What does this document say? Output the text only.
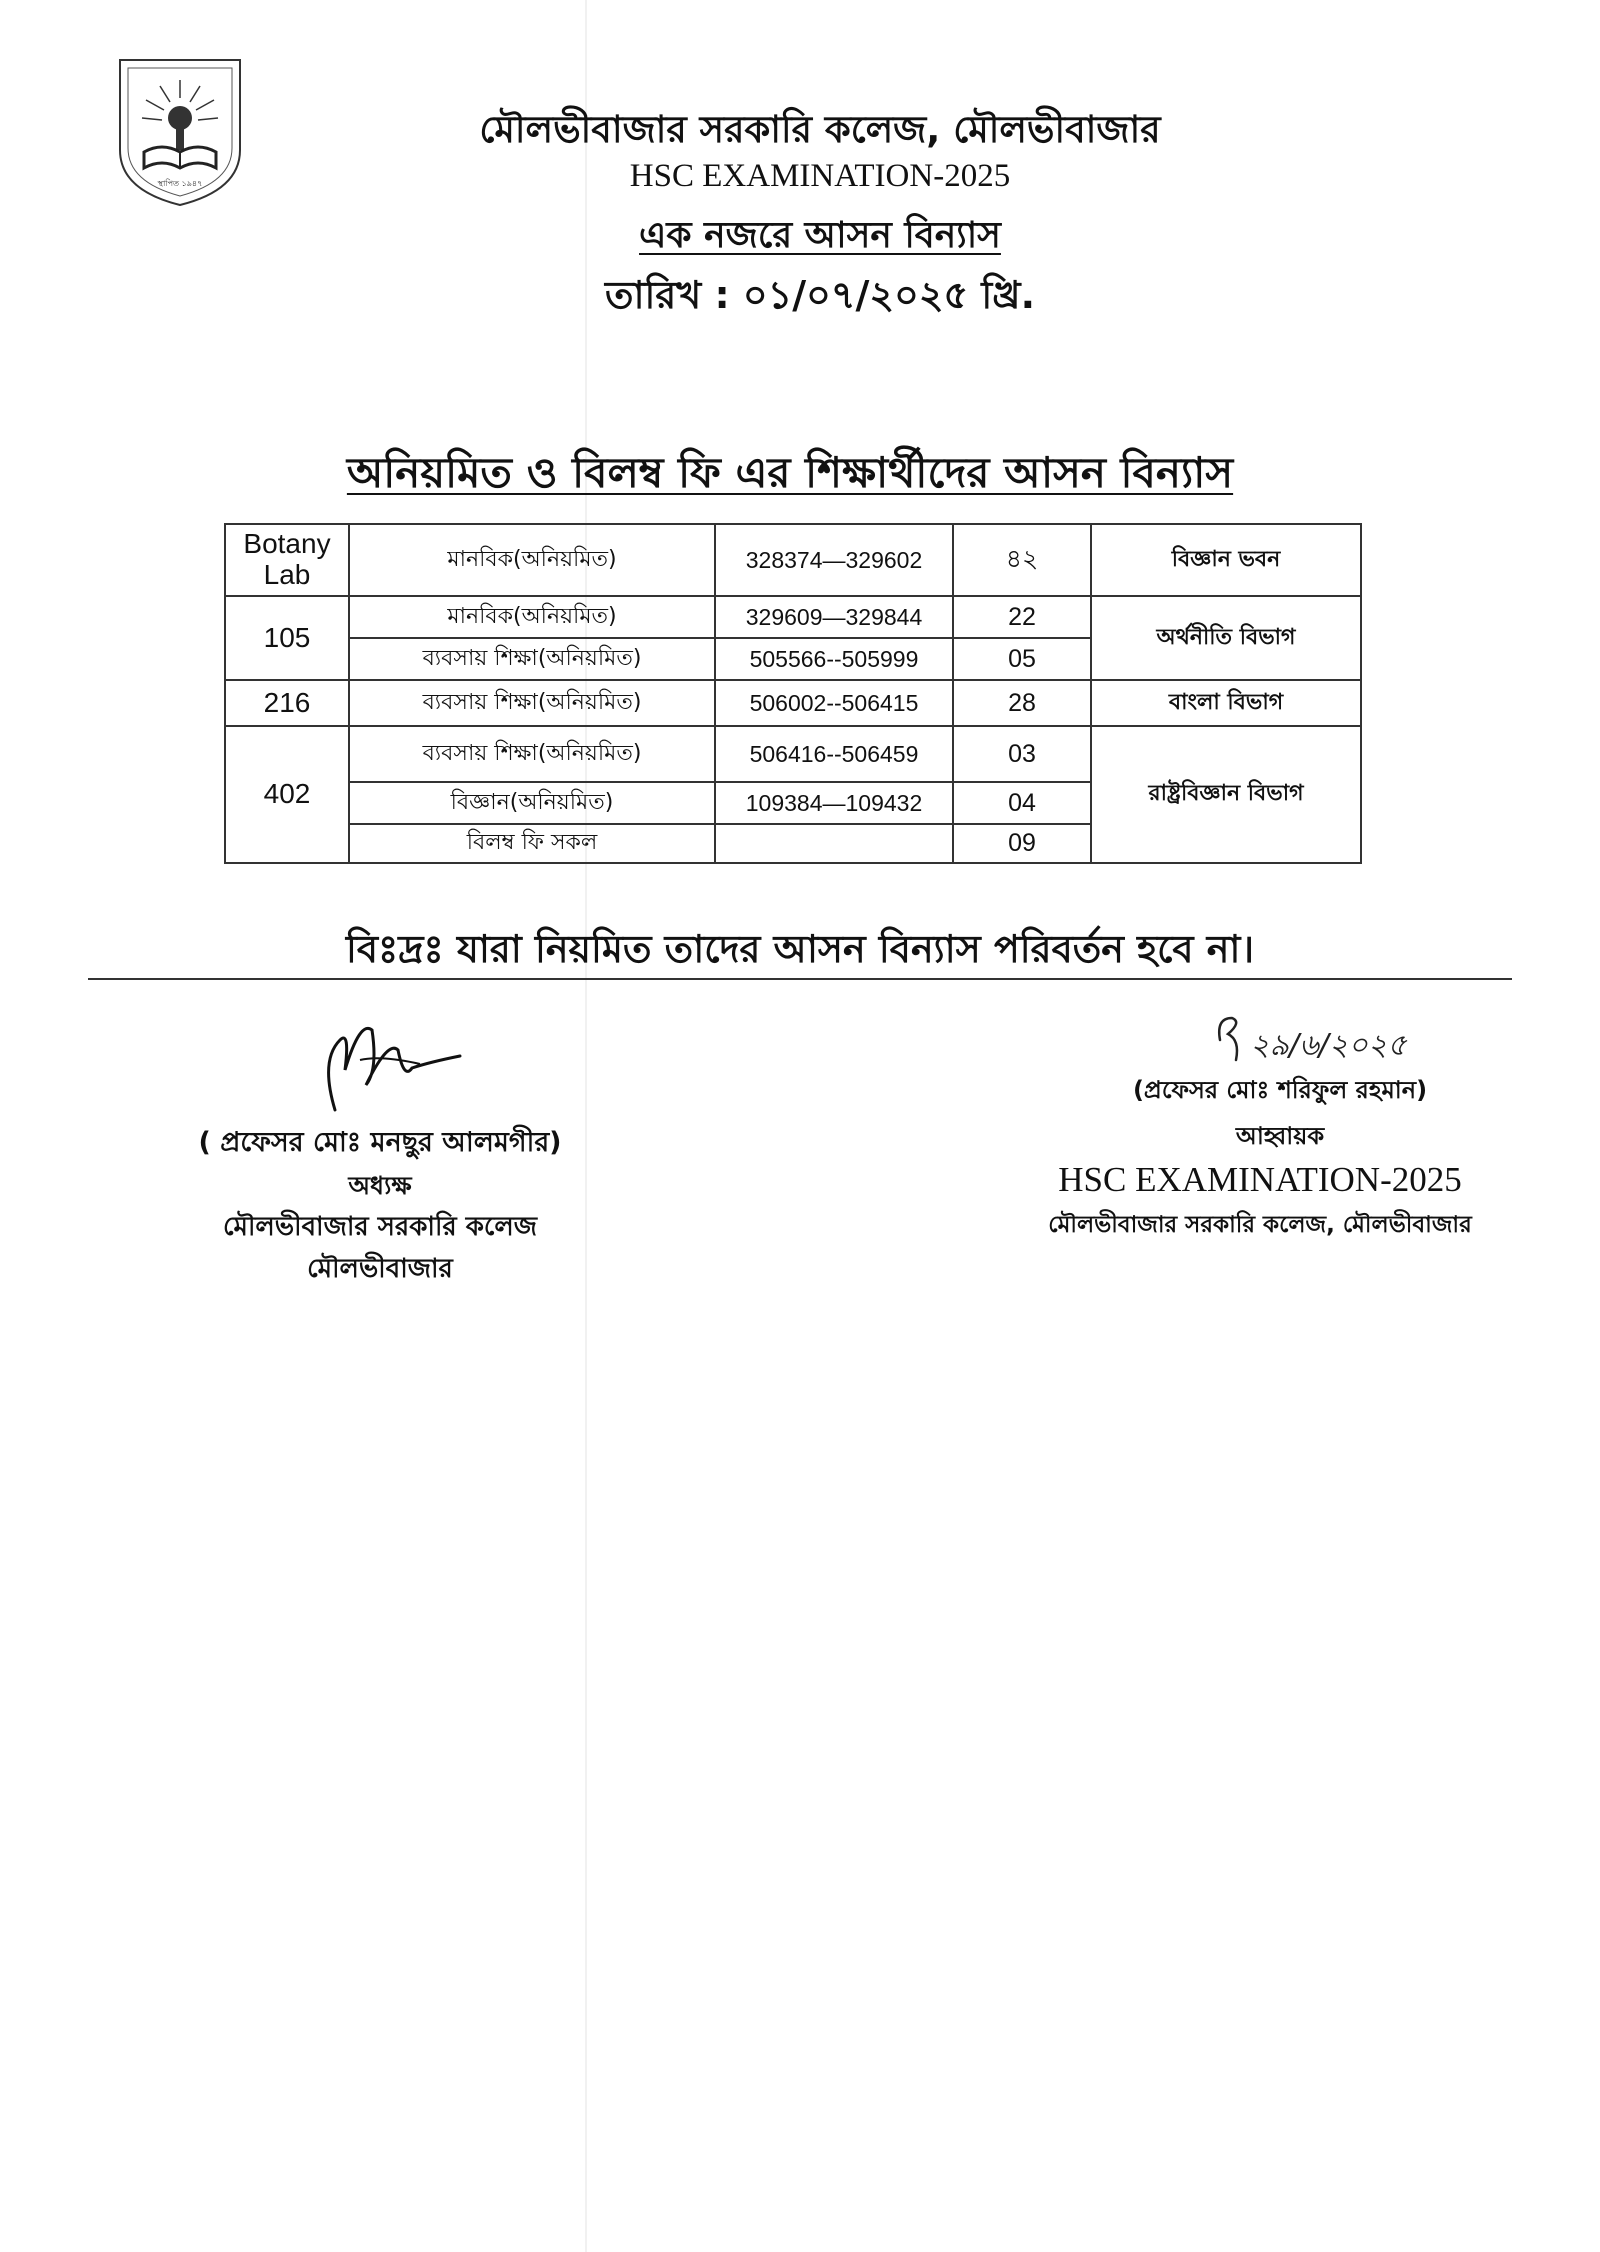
স্থাপিত ১৯৪৭
মৌলভীবাজার সরকারি কলেজ, মৌলভীবাজার
HSC EXAMINATION-2025
এক নজরে আসন বিন্যাস
তারিখ : ০১/০৭/২০২৫ খ্রি.
অনিয়মিত ও বিলম্ব ফি এর শিক্ষার্থীদের আসন বিন্যাস
Botany Lab	মানবিক(অনিয়মিত)	328374—329602	৪২	বিজ্ঞান ভবন
105	মানবিক(অনিয়মিত)	329609—329844	22	অর্থনীতি বিভাগ
	ব্যবসায় শিক্ষা(অনিয়মিত)	505566--505999	05	
216	ব্যবসায় শিক্ষা(অনিয়মিত)	506002--506415	28	বাংলা বিভাগ
402	ব্যবসায় শিক্ষা(অনিয়মিত)	506416--506459	03	রাষ্ট্রবিজ্ঞান বিভাগ
	বিজ্ঞান(অনিয়মিত)	109384—109432	04	
	বিলম্ব ফি সকল		09	
বিঃদ্রঃ যারা নিয়মিত তাদের আসন বিন্যাস পরিবর্তন হবে না।
২৯/৬/২০২৫
( প্রফেসর মোঃ মনছুর আলমগীর)
অধ্যক্ষ
মৌলভীবাজার সরকারি কলেজ
মৌলভীবাজার
(প্রফেসর মোঃ শরিফুল রহমান)
আহ্বায়ক
HSC EXAMINATION-2025
মৌলভীবাজার সরকারি কলেজ, মৌলভীবাজার
